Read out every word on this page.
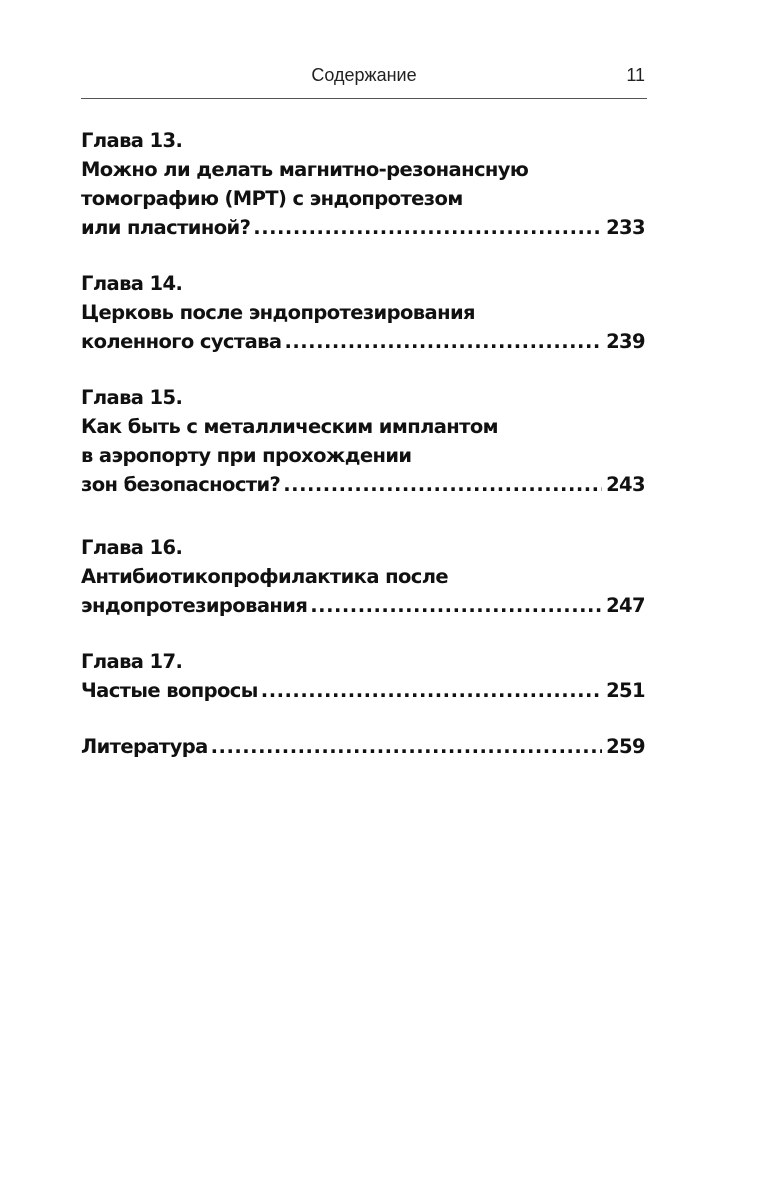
Содержание	11
Глава 13.
Можно ли делать магнитно-резонансную
томографию (МРТ) с эндопротезом
или пластиной? .....	233
Глава 14.
Церковь после эндопротезирования
коленного сустава .....	239
Глава 15.
Как быть с металлическим имплантом
в аэропорту при прохождении
зон безопасности? .....	243
Глава 16.
Антибиотикопрофилактика после
эндопротезирования .....	247
Глава 17.
Частые вопросы .....	251
Литература .....	259
